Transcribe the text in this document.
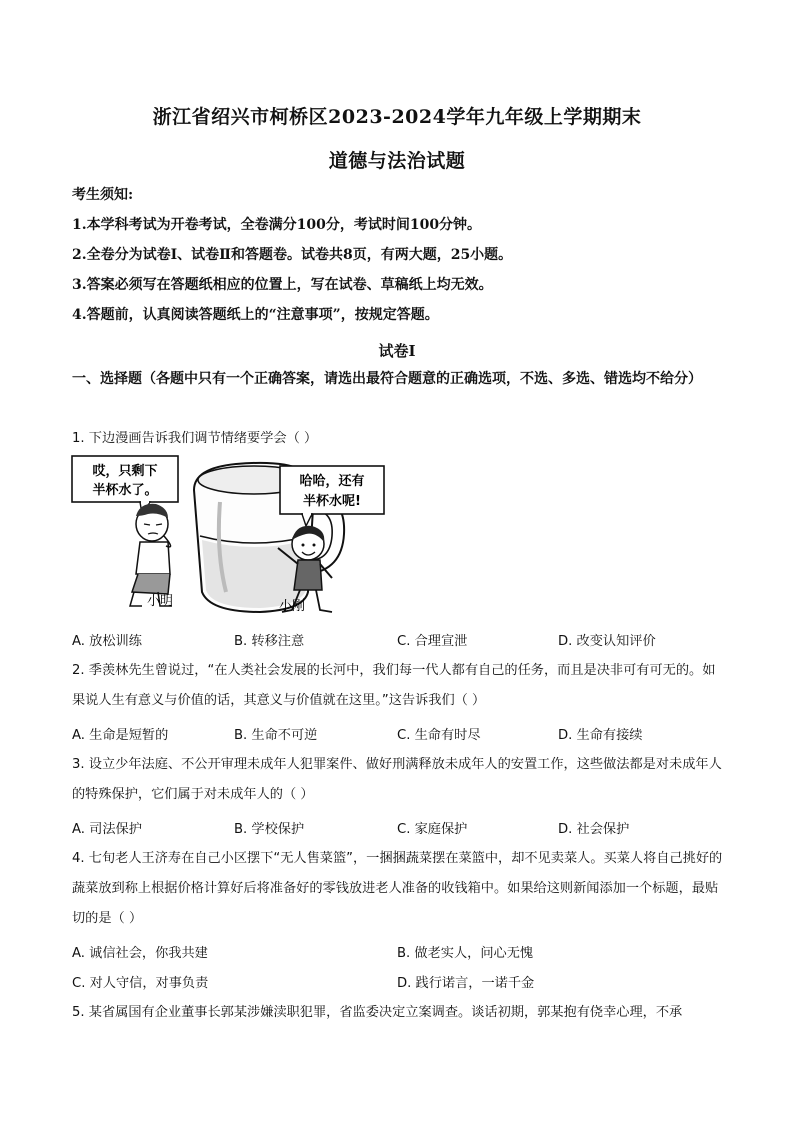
浙江省绍兴市柯桥区2023-2024学年九年级上学期期末
道德与法治试题
考生须知:
1.本学科考试为开卷考试，全卷满分100分，考试时间100分钟。
2.全卷分为试卷Ⅰ、试卷Ⅱ和答题卷。试卷共8页，有两大题，25小题。
3.答案必须写在答题纸相应的位置上，写在试卷、草稿纸上均无效。
4.答题前，认真阅读答题纸上的“注意事项”，按规定答题。
试卷Ⅰ
一、选择题（各题中只有一个正确答案，请选出最符合题意的正确选项，不选、多选、错选均不给分）
1. 下边漫画告诉我们调节情绪要学会（ ）
哎，只剩下
半杯水了。
哈哈，还有
半杯水呢!
小明	小刚
A. 放松训练	B. 转移注意	C. 合理宣泄	D. 改变认知评价
2. 季羡林先生曾说过，“在人类社会发展的长河中，我们每一代人都有自己的任务，而且是决非可有可无的。如果说人生有意义与价值的话，其意义与价值就在这里。”这告诉我们（ ）
A. 生命是短暂的	B. 生命不可逆	C. 生命有时尽	D. 生命有接续
3. 设立少年法庭、不公开审理未成年人犯罪案件、做好刑满释放未成年人的安置工作，这些做法都是对未成年人的特殊保护，它们属于对未成年人的（ ）
A. 司法保护	B. 学校保护	C. 家庭保护	D. 社会保护
4. 七旬老人王济寿在自己小区摆下“无人售菜篮”，一捆捆蔬菜摆在菜篮中，却不见卖菜人。买菜人将自己挑好的蔬菜放到称上根据价格计算好后将准备好的零钱放进老人准备的收钱箱中。如果给这则新闻添加一个标题，最贴切的是（ ）
A. 诚信社会，你我共建	B. 做老实人，问心无愧
C. 对人守信，对事负责	D. 践行诺言，一诺千金
5. 某省属国有企业董事长郭某涉嫌渎职犯罪，省监委决定立案调查。谈话初期，郭某抱有侥幸心理，不承
